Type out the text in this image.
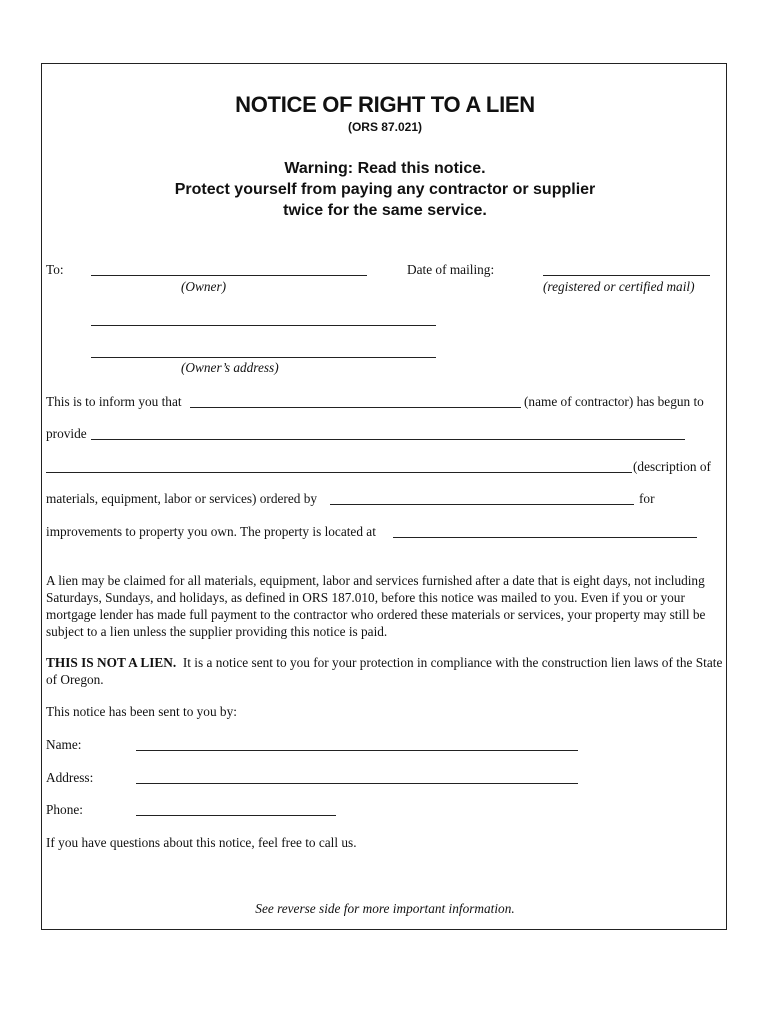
NOTICE OF RIGHT TO A LIEN
(ORS 87.021)
Warning: Read this notice.
Protect yourself from paying any contractor or supplier
twice for the same service.
To:
(Owner)
Date of mailing:
(registered or certified mail)
(Owner’s address)
This is to inform you that	(name of contractor) has begun to
provide
(description of
materials, equipment, labor or services) ordered by	for
improvements to property you own. The property is located at
A lien may be claimed for all materials, equipment, labor and services furnished after a date that is eight days, not including Saturdays, Sundays, and holidays, as defined in ORS 187.010, before this notice was mailed to you. Even if you or your mortgage lender has made full payment to the contractor who ordered these materials or services, your property may still be subject to a lien unless the supplier providing this notice is paid.
THIS IS NOT A LIEN. It is a notice sent to you for your protection in compliance with the construction lien laws of the State of Oregon.
This notice has been sent to you by:
Name:
Address:
Phone:
If you have questions about this notice, feel free to call us.
See reverse side for more important information.
